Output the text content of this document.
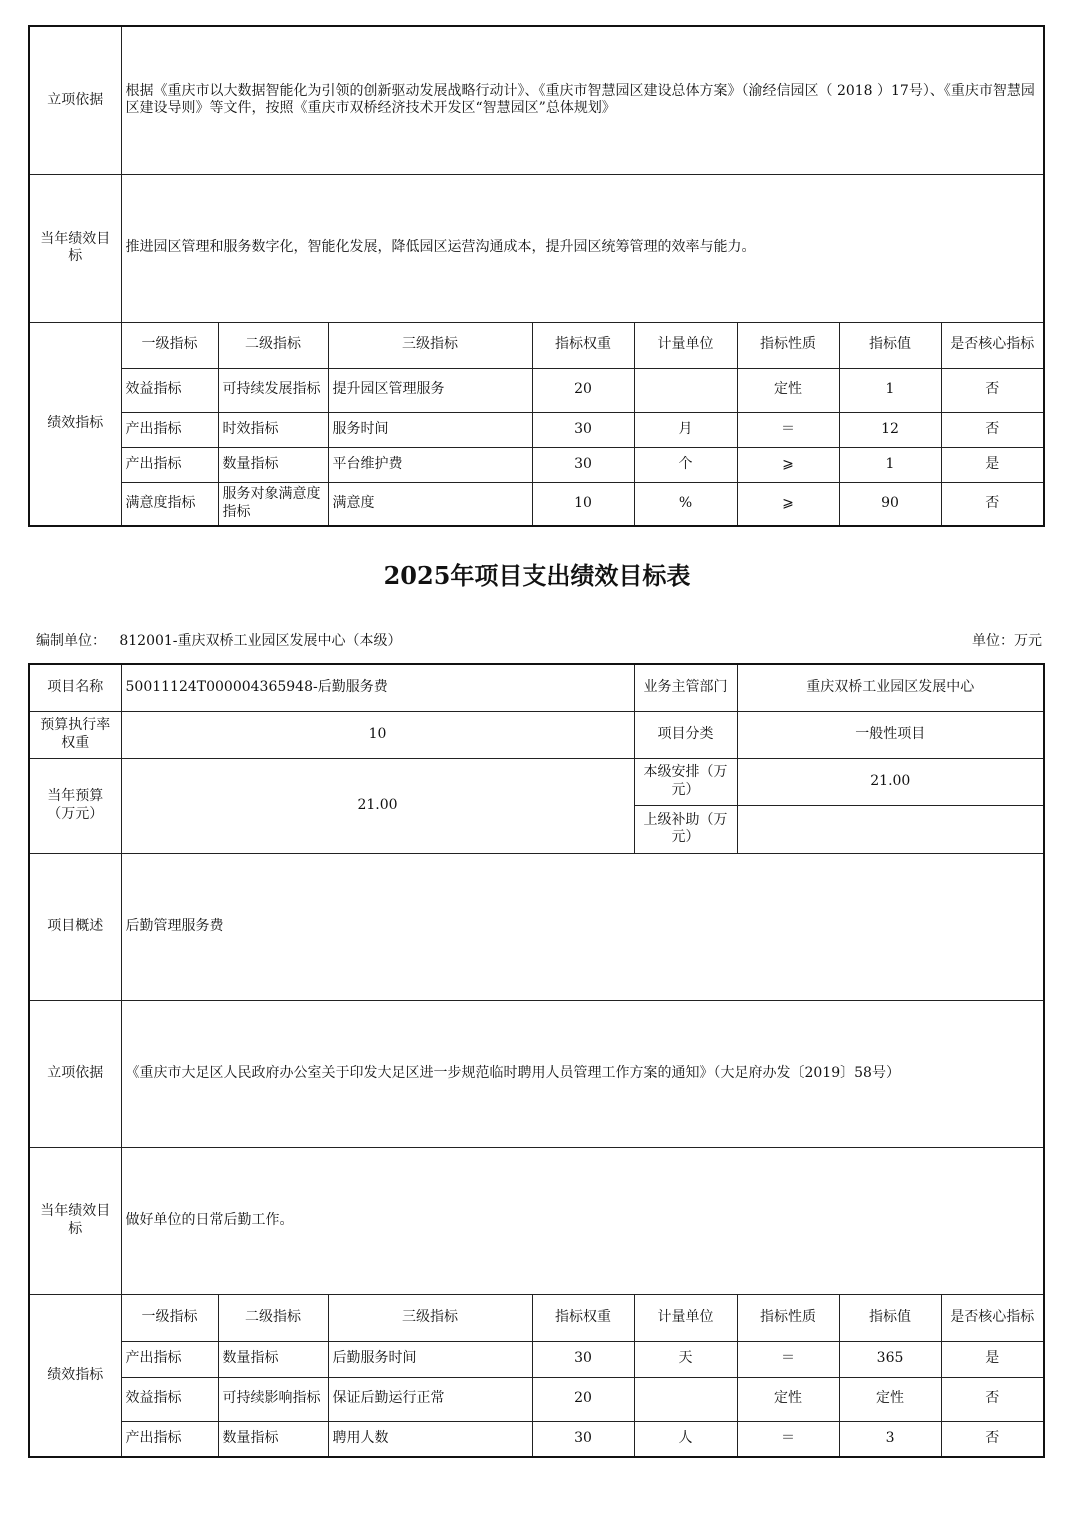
立项依据	根据《重庆市以大数据智能化为引领的创新驱动发展战略行动计》、《重庆市智慧园区建设总体方案》（渝经信园区（ 2018 ）17号）、《重庆市智慧园区建设导则》等文件，按照《重庆市双桥经济技术开发区“智慧园区”总体规划》							
当年绩效目标	推进园区管理和服务数字化，智能化发展，降低园区运营沟通成本，提升园区统筹管理的效率与能力。							
绩效指标	一级指标	二级指标	三级指标	指标权重	计量单位	指标性质	指标值	是否核心指标
	效益指标	可持续发展指标	提升园区管理服务	20		定性	1	否
	产出指标	时效指标	服务时间	30	月	＝	12	否
	产出指标	数量指标	平台维护费	30	个	⩾	1	是
	满意度指标	服务对象满意度指标	满意度	10	%	⩾	90	否
2025年项目支出绩效目标表
编制单位：   812001-重庆双桥工业园区发展中心（本级）	单位：万元
项目名称	50011124T000004365948-后勤服务费				业务主管部门	重庆双桥工业园区发展中心		
预算执行率权重	10				项目分类	一般性项目		
当年预算（万元）	21.00				本级安排（万元）	21.00		
					上级补助（万元）			
项目概述	后勤管理服务费							
立项依据	《重庆市大足区人民政府办公室关于印发大足区进一步规范临时聘用人员管理工作方案的通知》（大足府办发〔2019〕58号）							
当年绩效目标	做好单位的日常后勤工作。							
绩效指标	一级指标	二级指标	三级指标	指标权重	计量单位	指标性质	指标值	是否核心指标
	产出指标	数量指标	后勤服务时间	30	天	＝	365	是
	效益指标	可持续影响指标	保证后勤运行正常	20		定性	定性	否
	产出指标	数量指标	聘用人数	30	人	＝	3	否
